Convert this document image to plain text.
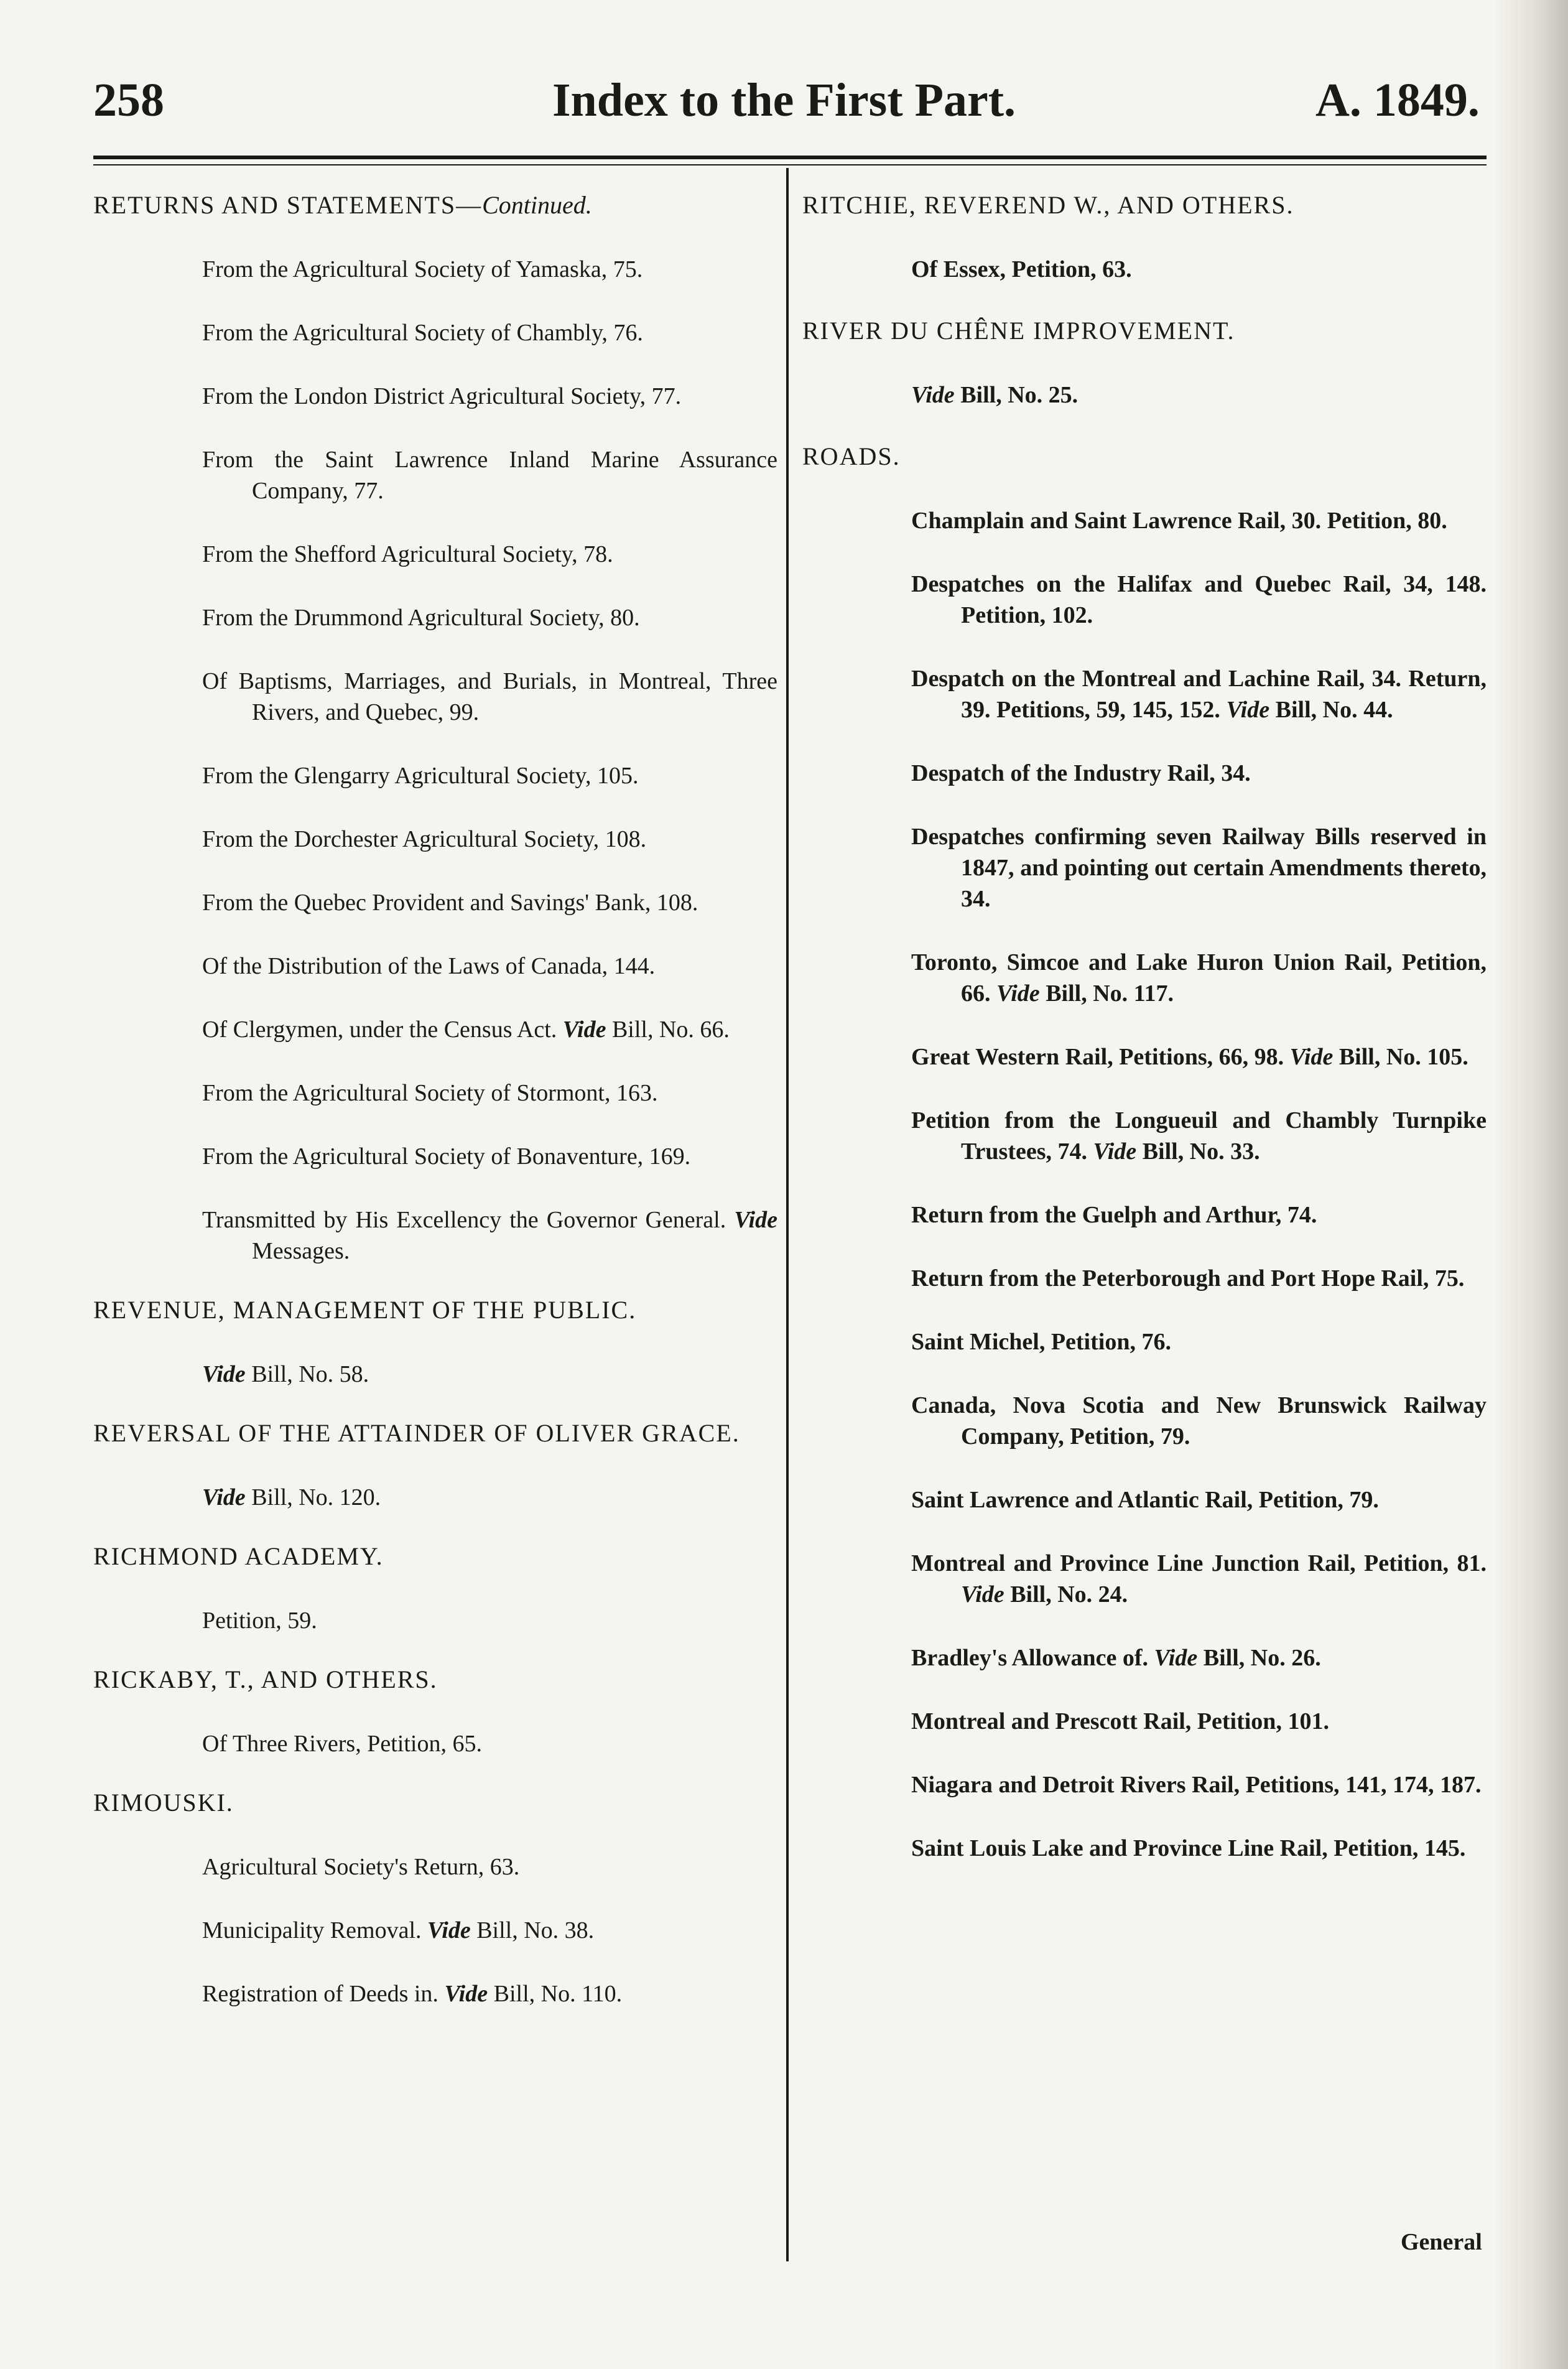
258	Index to the First Part.	A. 1849.
RETURNS AND STATEMENTS—Continued.
From the Agricultural Society of Yamaska, 75.
From the Agricultural Society of Chambly, 76.
From the London District Agricultural Society, 77.
From the Saint Lawrence Inland Marine Assurance Company, 77.
From the Shefford Agricultural Society, 78.
From the Drummond Agricultural Society, 80.
Of Baptisms, Marriages, and Burials, in Montreal, Three Rivers, and Quebec, 99.
From the Glengarry Agricultural Society, 105.
From the Dorchester Agricultural Society, 108.
From the Quebec Provident and Savings' Bank, 108.
Of the Distribution of the Laws of Canada, 144.
Of Clergymen, under the Census Act. Vide Bill, No. 66.
From the Agricultural Society of Stormont, 163.
From the Agricultural Society of Bonaventure, 169.
Transmitted by His Excellency the Governor General. Vide Messages.
REVENUE, MANAGEMENT OF THE PUBLIC.
Vide Bill, No. 58.
REVERSAL OF THE ATTAINDER OF OLIVER GRACE.
Vide Bill, No. 120.
RICHMOND ACADEMY.
Petition, 59.
RICKABY, T., AND OTHERS.
Of Three Rivers, Petition, 65.
RIMOUSKI.
Agricultural Society's Return, 63.
Municipality Removal. Vide Bill, No. 38.
Registration of Deeds in. Vide Bill, No. 110.
RITCHIE, REVEREND W., AND OTHERS.
Of Essex, Petition, 63.
RIVER DU CHÊNE IMPROVEMENT.
Vide Bill, No. 25.
ROADS.
Champlain and Saint Lawrence Rail, 30. Petition, 80.
Despatches on the Halifax and Quebec Rail, 34, 148. Petition, 102.
Despatch on the Montreal and Lachine Rail, 34. Return, 39. Petitions, 59, 145, 152. Vide Bill, No. 44.
Despatch of the Industry Rail, 34.
Despatches confirming seven Railway Bills reserved in 1847, and pointing out certain Amendments thereto, 34.
Toronto, Simcoe and Lake Huron Union Rail, Petition, 66. Vide Bill, No. 117.
Great Western Rail, Petitions, 66, 98. Vide Bill, No. 105.
Petition from the Longueuil and Chambly Turnpike Trustees, 74. Vide Bill, No. 33.
Return from the Guelph and Arthur, 74.
Return from the Peterborough and Port Hope Rail, 75.
Saint Michel, Petition, 76.
Canada, Nova Scotia and New Brunswick Railway Company, Petition, 79.
Saint Lawrence and Atlantic Rail, Petition, 79.
Montreal and Province Line Junction Rail, Petition, 81. Vide Bill, No. 24.
Bradley's Allowance of. Vide Bill, No. 26.
Montreal and Prescott Rail, Petition, 101.
Niagara and Detroit Rivers Rail, Petitions, 141, 174, 187.
Saint Louis Lake and Province Line Rail, Petition, 145.
General
